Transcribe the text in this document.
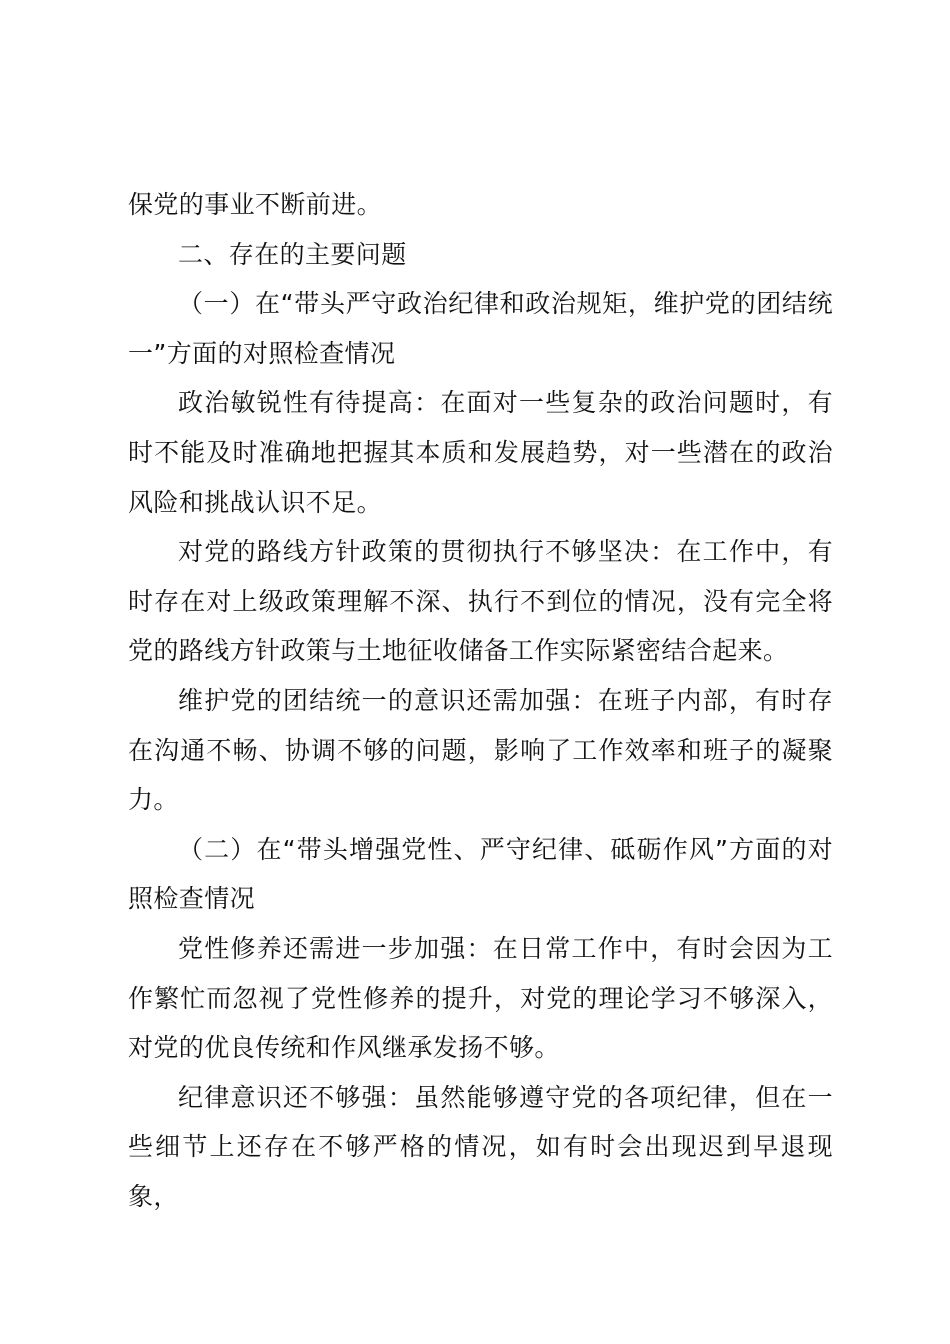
保党的事业不断前进。

二、存在的主要问题

（一）在“带头严守政治纪律和政治规矩，维护党的团结统一”方面的对照检查情况

政治敏锐性有待提高：在面对一些复杂的政治问题时，有时不能及时准确地把握其本质和发展趋势，对一些潜在的政治风险和挑战认识不足。

对党的路线方针政策的贯彻执行不够坚决：在工作中，有时存在对上级政策理解不深、执行不到位的情况，没有完全将党的路线方针政策与土地征收储备工作实际紧密结合起来。

维护党的团结统一的意识还需加强：在班子内部，有时存在沟通不畅、协调不够的问题，影响了工作效率和班子的凝聚力。

（二）在“带头增强党性、严守纪律、砥砺作风”方面的对照检查情况

党性修养还需进一步加强：在日常工作中，有时会因为工作繁忙而忽视了党性修养的提升，对党的理论学习不够深入，对党的优良传统和作风继承发扬不够。

纪律意识还不够强：虽然能够遵守党的各项纪律，但在一些细节上还存在不够严格的情况，如有时会出现迟到早退现象，
